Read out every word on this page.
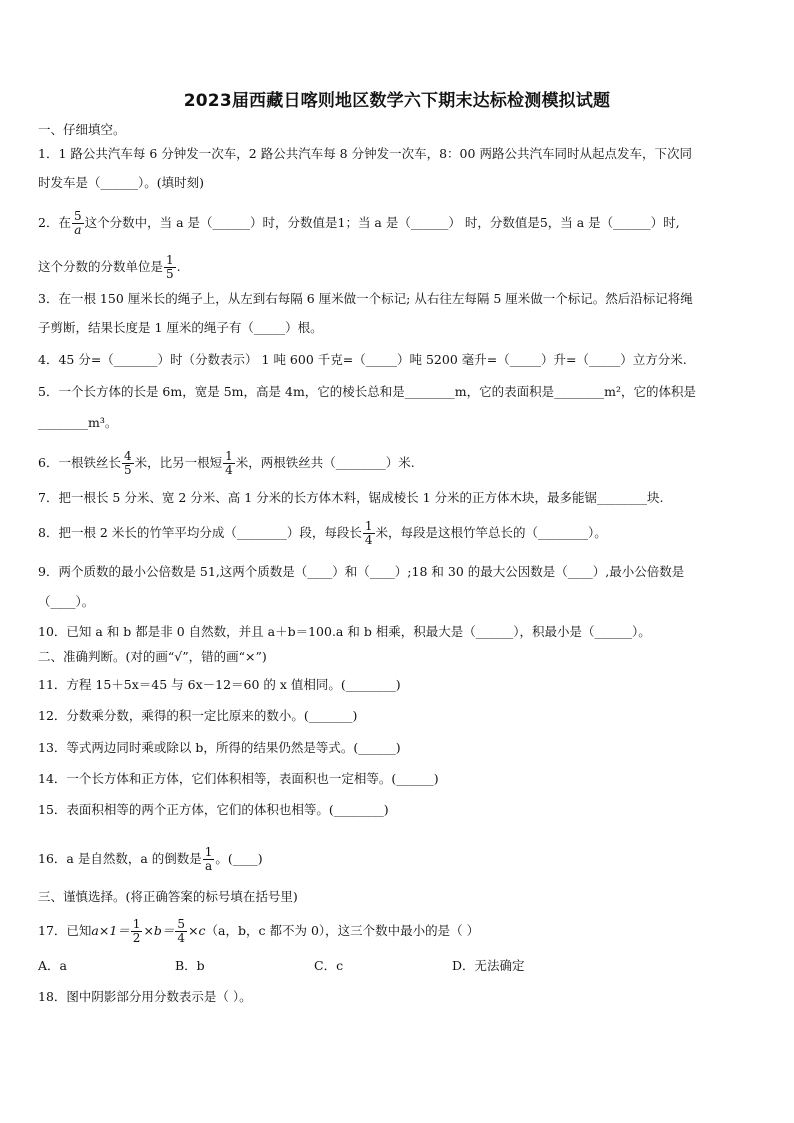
2023届西藏日喀则地区数学六下期末达标检测模拟试题
一、仔细填空。
1．1 路公共汽车每 6 分钟发一次车，2 路公共汽车每 8 分钟发一次车，8：00 两路公共汽车同时从起点发车，下次同
时发车是（______）。(填时刻)
2．在 $\frac{5}{a}$ 这个分数中，当 a 是（______）时，分数值是1；当 a 是（______） 时，分数值是5，当 a 是（______）时,
这个分数的分数单位是 $\frac{1}{5}$ .
3．在一根 150 厘米长的绳子上，从左到右每隔 6 厘米做一个标记; 从右往左每隔 5 厘米做一个标记。然后沿标记将绳
子剪断，结果长度是 1 厘米的绳子有（_____）根。
4．45 分=（_______）时（分数表示） 1 吨 600 千克=（_____）吨 5200 毫升=（_____）升=（_____）立方分米.
5．一个长方体的长是 6m，宽是 5m，高是 4m，它的棱长总和是________m，它的表面积是________m²，它的体积是
________m³。
6．一根铁丝长 $\frac{4}{5}$ 米，比另一根短 $\frac{1}{4}$ 米，两根铁丝共（________）米.
7．把一根长 5 分米、宽 2 分米、高 1 分米的长方体木料，锯成棱长 1 分米的正方体木块，最多能锯________块.
8．把一根 2 米长的竹竿平均分成（________）段，每段长 $\frac{1}{4}$ 米，每段是这根竹竿总长的（________）。
9．两个质数的最小公倍数是 51,这两个质数是（____）和（____）;18 和 30 的最大公因数是（____）,最小公倍数是
（____）。
10．已知 a 和 b 都是非 0 自然数，并且 a＋b＝100.a 和 b 相乘，积最大是（______），积最小是（______）。
二、准确判断。(对的画“√”，错的画“×”)
11．方程 15＋5x＝45 与 6x－12＝60 的 x 值相同。(________)
12．分数乘分数，乘得的积一定比原来的数小。(_______)
13．等式两边同时乘或除以 b，所得的结果仍然是等式。(______)
14．一个长方体和正方体，它们体积相等，表面积也一定相等。(______)
15．表面积相等的两个正方体，它们的体积也相等。(________)
16．a 是自然数，a 的倒数是 $\frac{1}{a}$ 。(____)
三、谨慎选择。(将正确答案的标号填在括号里)
17．已知$a\times 1= \frac{1}{2} \times b= \frac{5}{4} \times c(a$，b，c 都不为 0），这三个数中最小的是（ ）
A．a	B．b	C．c	D．无法确定
18．图中阴影部分用分数表示是（ ）。
